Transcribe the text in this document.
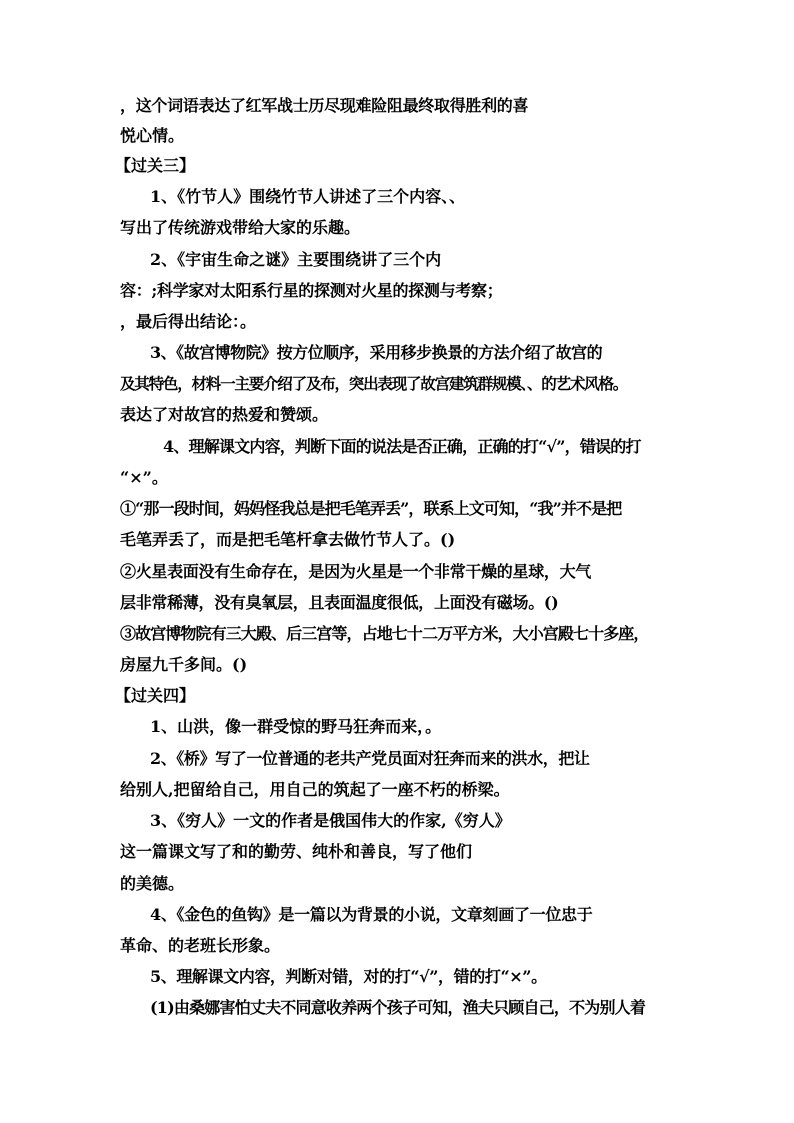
，这个词语表达了红军战士历尽现难险阻最终取得胜利的喜
悦心情。
【过关三】
1、《竹节人》围绕竹节人讲述了三个内容、、
写出了传统游戏带给大家的乐趣。
2、《宇宙生命之谜》主要围绕讲了三个内
容：;科学家对太阳系行星的探测对火星的探测与考察；
，最后得出结论：。
3、《故宫博物院》按方位顺序，采用移步换景的方法介绍了故宫的
及其特色，材料一主要介绍了及布，突出表现了故宫建筑群规模、、的艺术风格。
表达了对故宫的热爱和赞颂。
4、理解课文内容，判断下面的说法是否正确，正确的打“√”，错误的打
“×”。
①“那一段时间，妈妈怪我总是把毛笔弄丢”，联系上文可知，“我”并不是把
毛笔弄丢了，而是把毛笔杆拿去做竹节人了。()
②火星表面没有生命存在，是因为火星是一个非常干燥的星球，大气
层非常稀薄，没有臭氧层，且表面温度很低，上面没有磁场。()
③故宫博物院有三大殿、后三宫等，占地七十二万平方米，大小宫殿七十多座，
房屋九千多间。()
【过关四】
1、山洪，像一群受惊的野马狂奔而来，。
2、《桥》写了一位普通的老共产党员面对狂奔而来的洪水，把让
给别人,把留给自己，用自己的筑起了一座不朽的桥梁。
3、《穷人》一文的作者是俄国伟大的作家,《穷人》
这一篇课文写了和的勤劳、纯朴和善良，写了他们
的美德。
4、《金色的鱼钩》是一篇以为背景的小说，文章刻画了一位忠于
革命、的老班长形象。
5、理解课文内容，判断对错，对的打“√”，错的打“×”。
(1)由桑娜害怕丈夫不同意收养两个孩子可知，渔夫只顾自己，不为别人着
